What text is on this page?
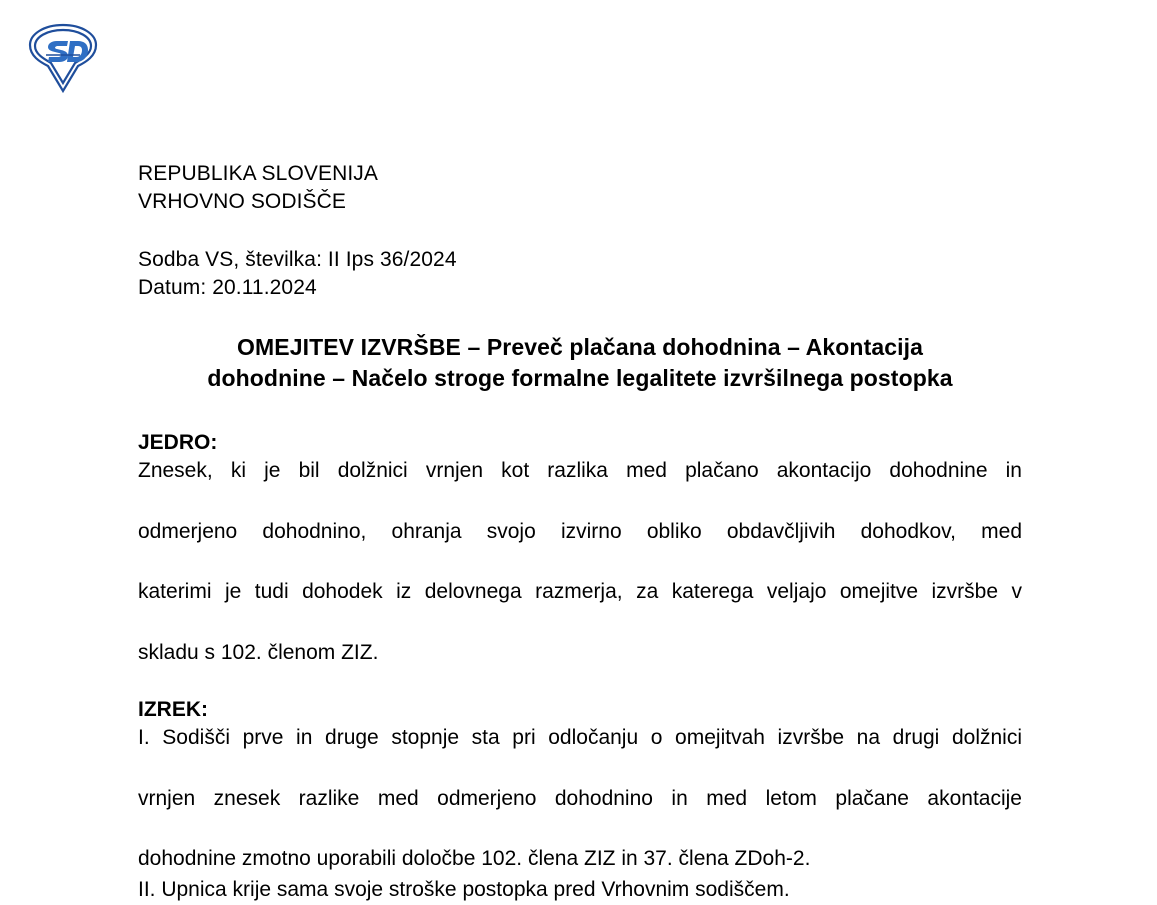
REPUBLIKA SLOVENIJA
VRHOVNO SODIŠČE
Sodba VS, številka: II Ips 36/2024
Datum: 20.11.2024
OMEJITEV IZVRŠBE – Preveč plačana dohodnina – Akontacija
dohodnine – Načelo stroge formalne legalitete izvršilnega postopka
JEDRO:
Znesek, ki je bil dolžnici vrnjen kot razlika med plačano akontacijo dohodnine in
odmerjeno dohodnino, ohranja svojo izvirno obliko obdavčljivih dohodkov, med
katerimi je tudi dohodek iz delovnega razmerja, za katerega veljajo omejitve izvršbe v
skladu s 102. členom ZIZ.
IZREK:
I. Sodišči prve in druge stopnje sta pri odločanju o omejitvah izvršbe na drugi dolžnici
vrnjen znesek razlike med odmerjeno dohodnino in med letom plačane akontacije
dohodnine zmotno uporabili določbe 102. člena ZIZ in 37. člena ZDoh-2.
II. Upnica krije sama svoje stroške postopka pred Vrhovnim sodiščem.
